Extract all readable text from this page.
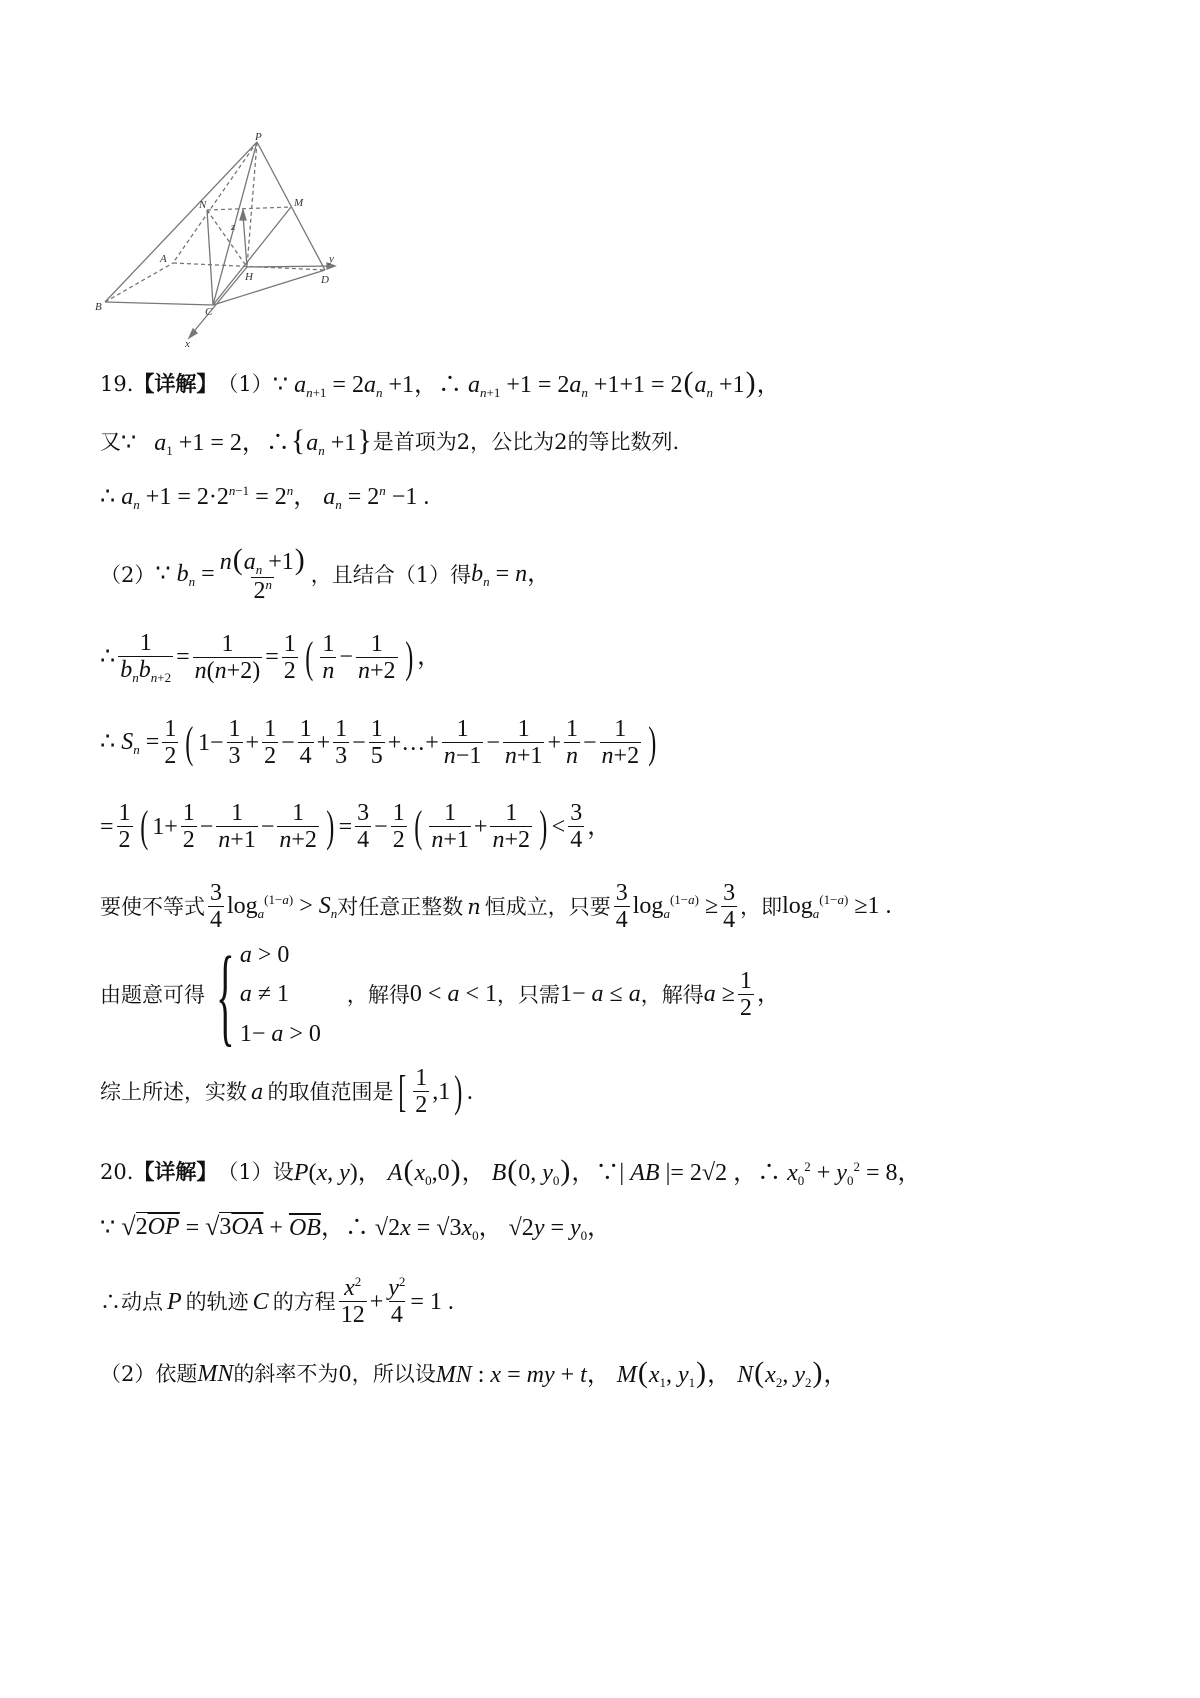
P
N	M
z
A
H
y
B	C
D
x
19. 【详解】 （1） ∵ $a_{n+1} = 2a_n +1$，∴ $a_{n+1} +1 = 2a_n +1+1 = 2(a_n +1)$，
又 ∵   $a_1 +1 = 2$，$\therefore\{a_n +1\}$ 是首项为2，公比为2的等比数列.
∴ $a_n +1 = 2\cdot 2^{n-1} = 2^n$， $a_n = 2^n -1$ .
（2） ∵ $b_n = \frac{n(a_n +1)}{2^n}$ ，且结合（1）得 $b_n = n$，
∴ $\frac{1}{b_nb_{n+2}} = \frac{1}{n(n+2)} = \frac{1}{2}$ ( $\frac{1}{n} - \frac{1}{n+2}$ ) ，
∴ $S_n = \frac{1}{2}$ ( $1- \frac{1}{3} + \frac{1}{2} - \frac{1}{4} + \frac{1}{3} - \frac{1}{5}$ +…+ $\frac{1}{n-1} - \frac{1}{n+1} + \frac{1}{n} - \frac{1}{n+2}$ )
= $\frac{1}{2}$ ( $1+ \frac{1}{2} - \frac{1}{n+1} - \frac{1}{n+2}$ ) = $\frac{3}{4} - \frac{1}{2}$ ( $\frac{1}{n+1} + \frac{1}{n+2}$ ) < $\frac{3}{4}$ ，
要使不等式 $\frac{3}{4} \log_a^{(1-a)} > S_n$ 对任意正整数 n 恒成立，只要 $\frac{3}{4} \log_a^{(1-a)} \ge \frac{3}{4}$ ，即 $\log_a^{(1-a)} \ge 1$ .
由题意可得 { a > 0
a ≠ 1
1− a > 0
，解得 0 < a < 1 ，只需 1− a ≤ a ，解得 $a \ge \frac{1}{2}$ ，
综上所述，实数 a 的取值范围是 [ $\frac{1}{2} ,1$ ) .
20. 【详解】 （1）设 P(x, y)， $A(x_0,0)$， B(0, $y_0$)，∵| AB |= 2√2 ，∴ $x_0^2 + y_0^2 = 8$，
∵ √ $2\overline{OP}$ = √ $3\overline{OA} + \overline{OB}$，∴ $√2x = √3x_0$， $√2y = y_0$，
∴动点 P 的轨迹 C 的方程 $\frac{x^2}{12} + \frac{y^2}{4} = 1$ .
（2）依题 MN 的斜率不为0，所以设 MN : x = my + t， $M(x_1$, $y_1$)， $N(x_2$, $y_2$)，
